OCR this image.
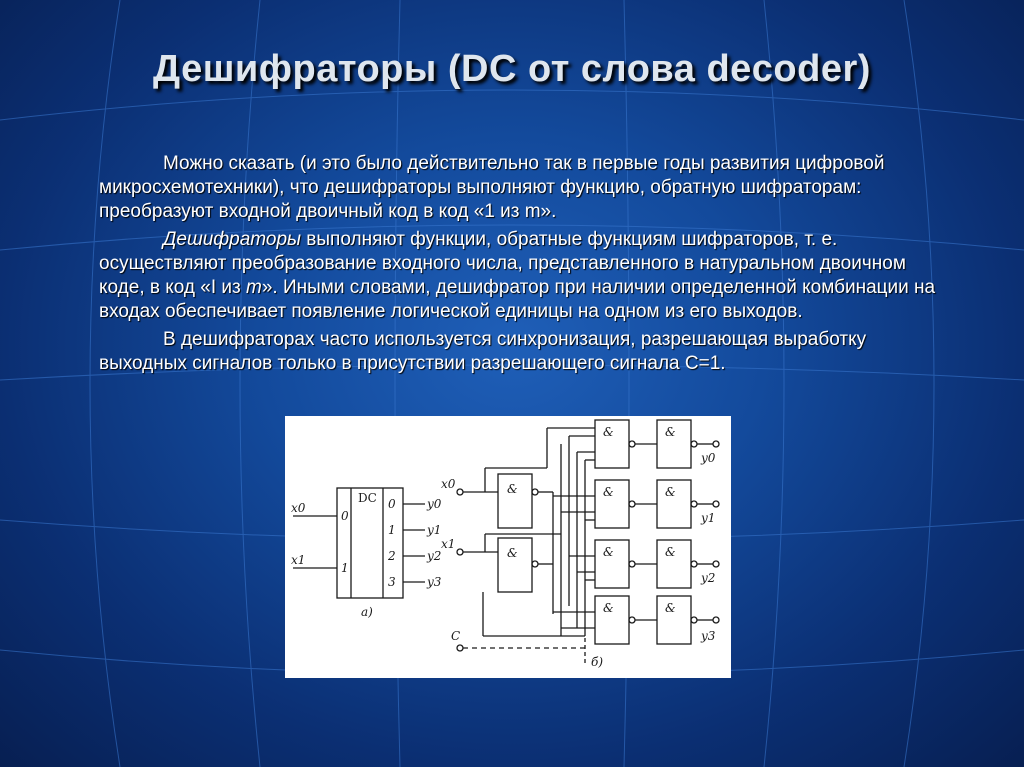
Дешифраторы (DC от слова decoder)

Можно сказать (и это было действительно так в первые годы развития цифровой микросхемотехники), что дешифраторы выполняют функцию, обратную шифраторам: преобразуют входной двоичный код в код «1 из m».

Дешифраторы выполняют функции, обратные функциям шифраторов, т. е. осуществляют преобразование входного числа, представленного в натуральном двоичном коде, в код «I из m». Иными словами, дешифратор при наличии определенной комбинации на входах обеспечивает появление логической единицы на одном из его выходов.

В дешифраторах часто используется синхронизация, разрешающая выработку выходных сигналов только в присутствии разрешающего сигнала C=1.

DC
x0
x1
0
1
0
1
2
3
y0
y1
y2
y3
а)
&
&
&
&
&
&
&
&
&
&
x0
x1
C
y0
y1
y2
y3
б)
